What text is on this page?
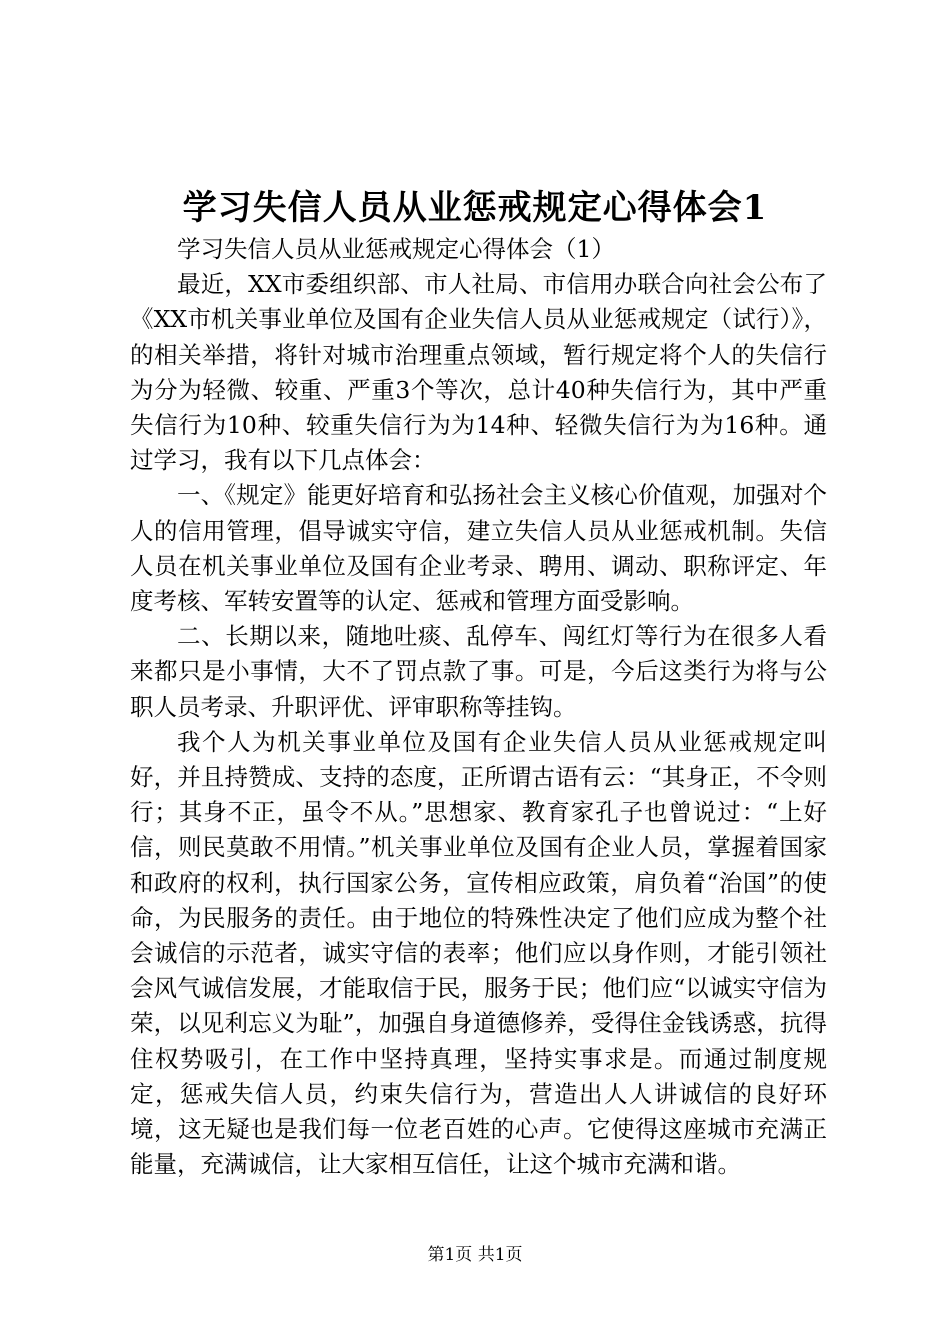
学习失信人员从业惩戒规定心得体会1

学习失信人员从业惩戒规定心得体会（1）

最近，XX市委组织部、市人社局、市信用办联合向社会公布了《XX市机关事业单位及国有企业失信人员从业惩戒规定（试行）》，的相关举措，将针对城市治理重点领域，暂行规定将个人的失信行为分为轻微、较重、严重3个等次，总计40种失信行为，其中严重失信行为10种、较重失信行为为14种、轻微失信行为为16种。通过学习，我有以下几点体会：

一、《规定》能更好培育和弘扬社会主义核心价值观，加强对个人的信用管理，倡导诚实守信，建立失信人员从业惩戒机制。失信人员在机关事业单位及国有企业考录、聘用、调动、职称评定、年度考核、军转安置等的认定、惩戒和管理方面受影响。

二、长期以来，随地吐痰、乱停车、闯红灯等行为在很多人看来都只是小事情，大不了罚点款了事。可是，今后这类行为将与公职人员考录、升职评优、评审职称等挂钩。

我个人为机关事业单位及国有企业失信人员从业惩戒规定叫好，并且持赞成、支持的态度，正所谓古语有云：“其身正，不令则行；其身不正，虽令不从。”思想家、教育家孔子也曾说过：“上好信，则民莫敢不用情。”机关事业单位及国有企业人员，掌握着国家和政府的权利，执行国家公务，宣传相应政策，肩负着“治国”的使命，为民服务的责任。由于地位的特殊性决定了他们应成为整个社会诚信的示范者，诚实守信的表率；他们应以身作则，才能引领社会风气诚信发展，才能取信于民，服务于民；他们应“以诚实守信为荣，以见利忘义为耻”，加强自身道德修养，受得住金钱诱惑，抗得住权势吸引，在工作中坚持真理，坚持实事求是。而通过制度规定，惩戒失信人员，约束失信行为，营造出人人讲诚信的良好环境，这无疑也是我们每一位老百姓的心声。它使得这座城市充满正能量，充满诚信，让大家相互信任，让这个城市充满和谐。

第1页 共1页
